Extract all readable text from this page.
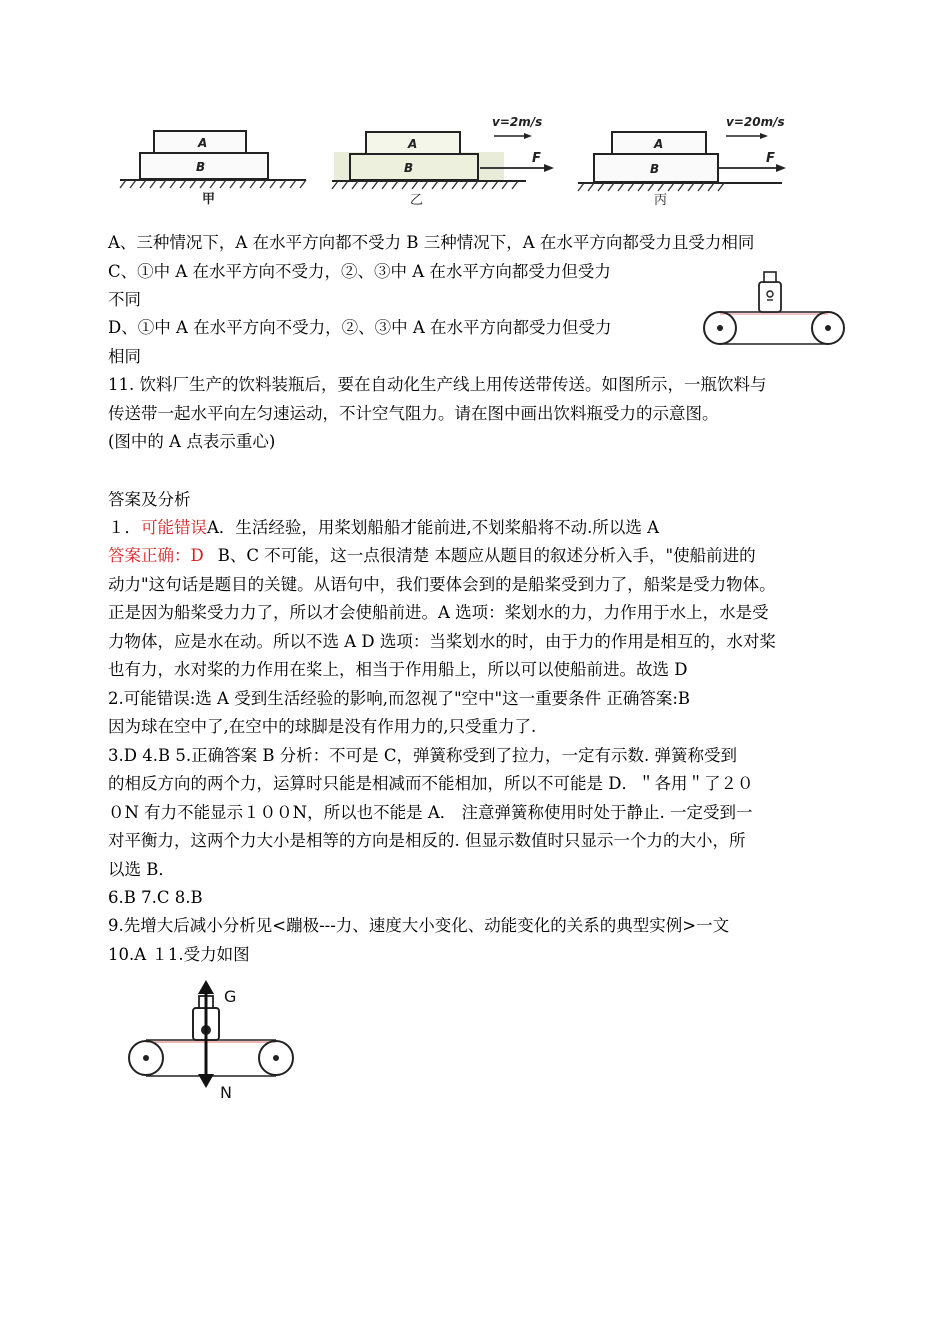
A
B
甲
v=2m/s
F
A
B
乙
v=20m/s
F
A
B
丙
A、三种情况下，A 在水平方向都不受力 B 三种情况下，A 在水平方向都受力且受力相同
C、①中 A 在水平方向不受力，②、③中 A 在水平方向都受力但受力
不同
D、①中 A 在水平方向不受力，②、③中 A 在水平方向都受力但受力
相同
11. 饮料厂生产的饮料装瓶后，要在自动化生产线上用传送带传送。如图所示，一瓶饮料与
传送带一起水平向左匀速运动，不计空气阻力。请在图中画出饮料瓶受力的示意图。
(图中的 A 点表示重心)
答案及分析
１．可能错误A．生活经验，用桨划船船才能前进,不划桨船将不动.所以选 A
答案正确：D B、C 不可能，这一点很清楚 本题应从题目的叙述分析入手，"使船前进的
动力"这句话是题目的关键。从语句中，我们要体会到的是船桨受到力了，船桨是受力物体。
正是因为船桨受力力了，所以才会使船前进。A 选项：桨划水的力，力作用于水上，水是受
力物体，应是水在动。所以不选 A D 选项：当桨划水的时，由于力的作用是相互的，水对桨
也有力，水对桨的力作用在桨上，相当于作用船上，所以可以使船前进。故选 D
2.可能错误:选 A 受到生活经验的影响,而忽视了"空中"这一重要条件 正确答案:B
因为球在空中了,在空中的球脚是没有作用力的,只受重力了.
3.D 4.B 5.正确答案 B 分析：不可是 C，弹簧称受到了拉力，一定有示数. 弹簧称受到
的相反方向的两个力，运算时只能是相减而不能相加，所以不可能是 D．＂各用＂了２０
０N 有力不能显示１００N，所以也不能是 A． 注意弹簧称使用时处于静止. 一定受到一
对平衡力，这两个力大小是相等的方向是相反的. 但显示数值时只显示一个力的大小，所
以选 B．
6.B 7.C 8.B
9.先增大后减小分析见<蹦极---力、速度大小变化、动能变化的关系的典型实例>一文
10.A １1.受力如图
G
N
